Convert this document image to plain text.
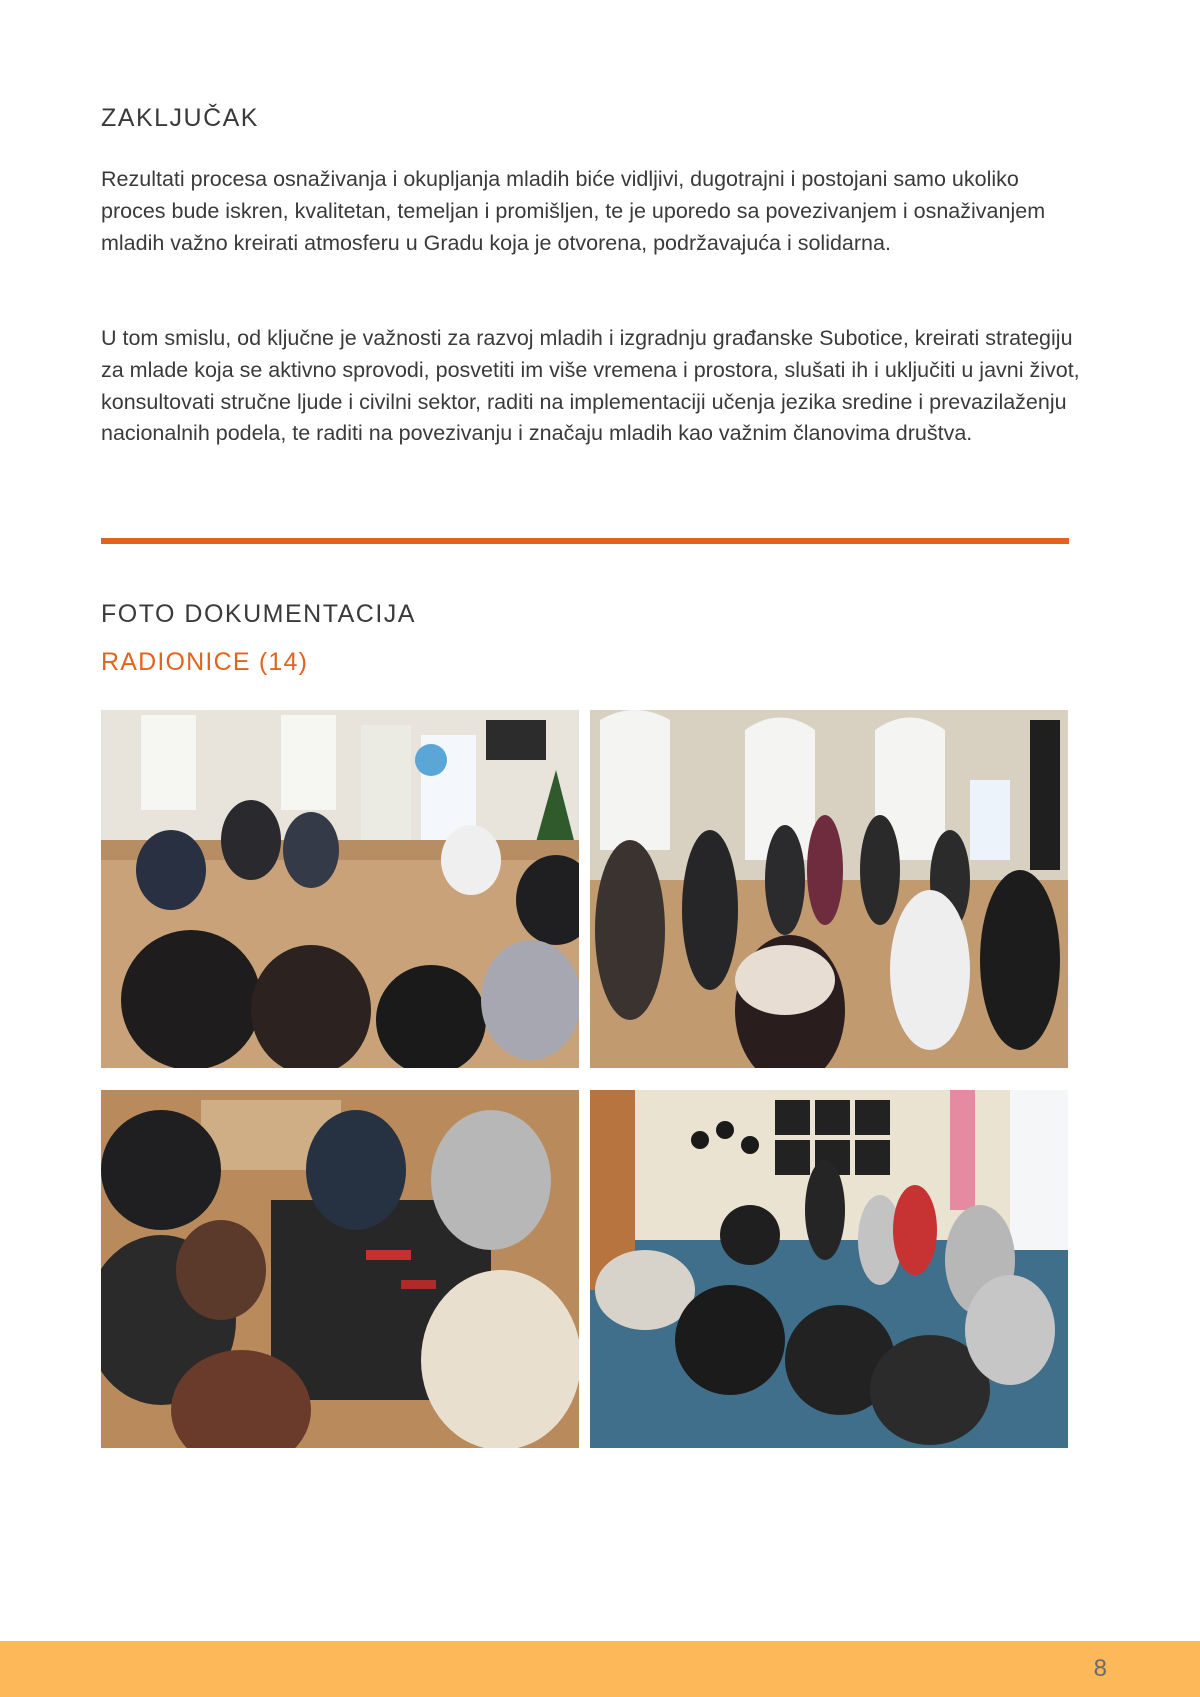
ZAKLJUČAK

Rezultati procesa osnaživanja i okupljanja mladih biće vidljivi, dugotrajni i postojani samo ukoliko proces bude iskren, kvalitetan, temeljan i promišljen, te je uporedo sa povezivanjem i osnaživanjem mladih važno kreirati atmosferu u Gradu koja je otvorena, podržavajuća i solidarna.

U tom smislu, od ključne je važnosti za razvoj mladih i izgradnju građanske Subotice, kreirati strategiju za mlade koja se aktivno sprovodi, posvetiti im više vremena i prostora, slušati ih i uključiti u javni život, konsultovati stručne ljude i civilni sektor, raditi na implementaciji učenja jezika sredine i prevazilaženju nacionalnih podela, te raditi na povezivanju i značaju mladih kao važnim članovima društva.

FOTO DOKUMENTACIJA
RADIONICE (14)
8
